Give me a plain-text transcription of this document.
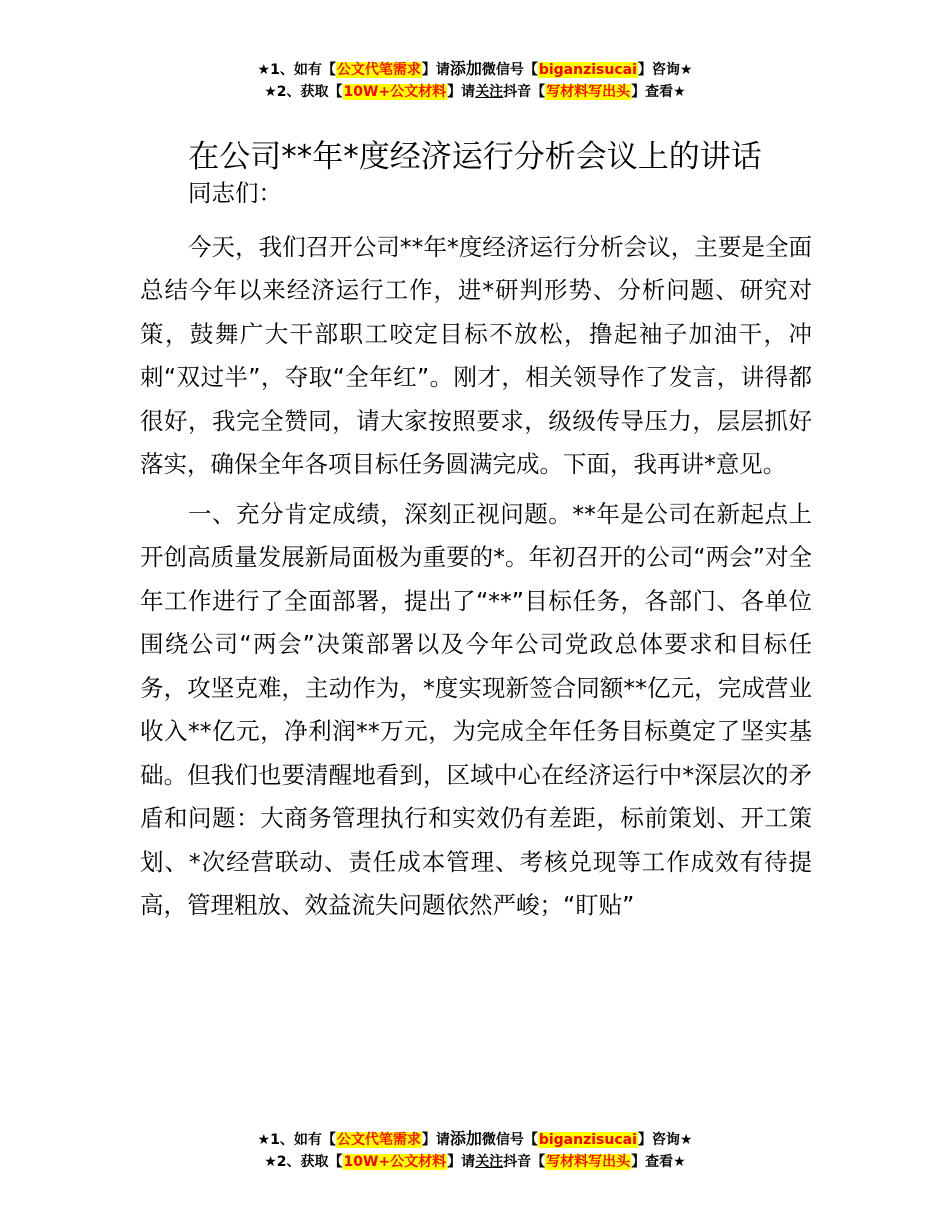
★1、如有【公文代笔需求】请添加微信号【biganzisucai】咨询★
★2、获取【10W+公文材料】请关注抖音【写材料写出头】查看★
在公司**年*度经济运行分析会议上的讲话

同志们：

今天，我们召开公司**年*度经济运行分析会议，主要是全面总结今年以来经济运行工作，进*研判形势、分析问题、研究对策，鼓舞广大干部职工咬定目标不放松，撸起袖子加油干，冲刺“双过半”，夺取“全年红”。刚才，相关领导作了发言，讲得都很好，我完全赞同，请大家按照要求，级级传导压力，层层抓好落实，确保全年各项目标任务圆满完成。下面，我再讲*意见。

一、充分肯定成绩，深刻正视问题。**年是公司在新起点上开创高质量发展新局面极为重要的*。年初召开的公司“两会”对全年工作进行了全面部署，提出了“**”目标任务，各部门、各单位围绕公司“两会”决策部署以及今年公司党政总体要求和目标任务，攻坚克难，主动作为，*度实现新签合同额**亿元，完成营业收入**亿元，净利润**万元，为完成全年任务目标奠定了坚实基础。但我们也要清醒地看到，区域中心在经济运行中*深层次的矛盾和问题：大商务管理执行和实效仍有差距，标前策划、开工策划、*次经营联动、责任成本管理、考核兑现等工作成效有待提高，管理粗放、效益流失问题依然严峻；“盯贴”

★1、如有【公文代笔需求】请添加微信号【biganzisucai】咨询★
★2、获取【10W+公文材料】请关注抖音【写材料写出头】查看★
